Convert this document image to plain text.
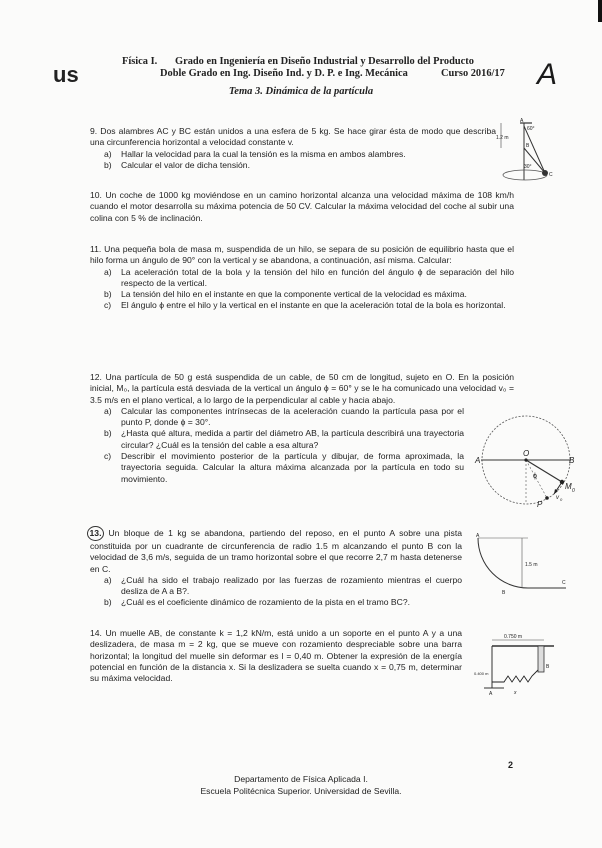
us
Física I. Grado en Ingeniería en Diseño Industrial y Desarrollo del Producto
Doble Grado en Ing. Diseño Ind. y D. P. e Ing. Mecánica	Curso 2016/17 A
Tema 3. Dinámica de la partícula

9. Dos alambres AC y BC están unidos a una esfera de 5 kg. Se hace girar ésta de modo que describa una circunferencia horizontal a velocidad constante v.

a) Hallar la velocidad para la cual la tensión es la misma en ambos alambres.
b) Calcular el valor de dicha tensión.
1.2 m
60°
30°
A
B
C

10. Un coche de 1000 kg moviéndose en un camino horizontal alcanza una velocidad máxima de 108 km/h cuando el motor desarrolla su máxima potencia de 50 CV. Calcular la máxima velocidad del coche al subir una colina con 5 % de inclinación.

11. Una pequeña bola de masa m, suspendida de un hilo, se separa de su posición de equilibrio hasta que el hilo forma un ángulo de 90° con la vertical y se abandona, a continuación, así misma. Calcular:

a) La aceleración total de la bola y la tensión del hilo en función del ángulo ϕ de separación del hilo respecto de la vertical.
b) La tensión del hilo en el instante en que la componente vertical de la velocidad es máxima.
c) El ángulo ϕ entre el hilo y la vertical en el instante en que la aceleración total de la bola es horizontal.

12. Una partícula de 50 g está suspendida de un cable, de 50 cm de longitud, sujeto en O. En la posición inicial, M₀, la partícula está desviada de la vertical un ángulo ϕ = 60° y se le ha comunicado una velocidad v₀ = 3.5 m/s en el plano vertical, a lo largo de la perpendicular al cable y hacia abajo.

a) Calcular las componentes intrínsecas de la aceleración cuando la partícula pasa por el punto P, donde ϕ = 30°.
b) ¿Hasta qué altura, medida a partir del diámetro AB, la partícula describirá una trayectoria circular? ¿Cuál es la tensión del cable a esa altura?
c) Describir el movimiento posterior de la partícula y dibujar, de forma aproximada, la trayectoria seguida. Calcular la altura máxima alcanzada por la partícula en todo su movimiento.
A	B
O
M 0
P
ϕ
v 0

13. Un bloque de 1 kg se abandona, partiendo del reposo, en el punto A sobre una pista constituida por un cuadrante de circunferencia de radio 1.5 m alcanzando el punto B con la velocidad de 3,6 m/s, seguida de un tramo horizontal sobre el que recorre 2,7 m hasta detenerse en C.

a) ¿Cuál ha sido el trabajo realizado por las fuerzas de rozamiento mientras el cuerpo desliza de A a B?.
b) ¿Cuál es el coeficiente dinámico de rozamiento de la pista en el tramo BC?.
A
B
C
1.5 m

14. Un muelle AB, de constante k = 1,2 kN/m, está unido a un soporte en el punto A y a una deslizadera, de masa m = 2 kg, que se mueve con rozamiento despreciable sobre una barra horizontal; la longitud del muelle sin deformar es l = 0,40 m. Obtener la expresión de la energía potencial en función de la distancia x. Si la deslizadera se suelta cuando x = 0,75 m, determinar su máxima velocidad.

0.750 m
0.400 m
A
B
x
2
Departamento de Física Aplicada I.
Escuela Politécnica Superior. Universidad de Sevilla.
